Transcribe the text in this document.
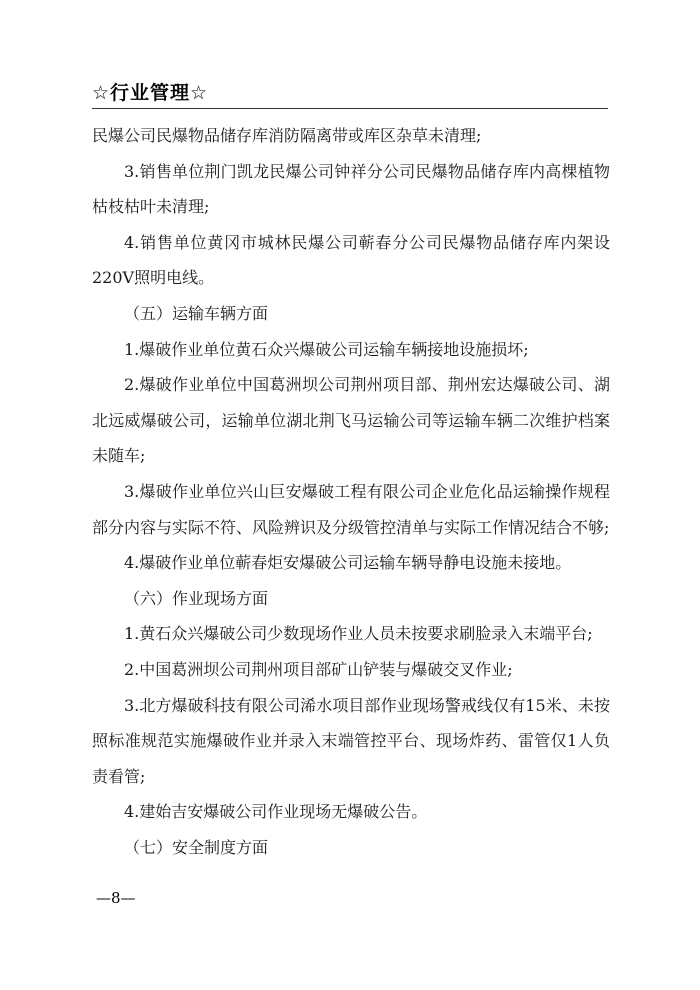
☆行业管理☆

民爆公司民爆物品储存库消防隔离带或库区杂草未清理;

3.销售单位荆门凯龙民爆公司钟祥分公司民爆物品储存库内高棵植物枯枝枯叶未清理;

4.销售单位黄冈市城林民爆公司蕲春分公司民爆物品储存库内架设220V照明电线。

（五）运输车辆方面

1.爆破作业单位黄石众兴爆破公司运输车辆接地设施损坏;

2.爆破作业单位中国葛洲坝公司荆州项目部、荆州宏达爆破公司、湖北远威爆破公司，运输单位湖北荆飞马运输公司等运输车辆二次维护档案未随车;

3.爆破作业单位兴山巨安爆破工程有限公司企业危化品运输操作规程部分内容与实际不符、风险辨识及分级管控清单与实际工作情况结合不够;

4.爆破作业单位蕲春炬安爆破公司运输车辆导静电设施未接地。

（六）作业现场方面

1.黄石众兴爆破公司少数现场作业人员未按要求刷脸录入末端平台;

2.中国葛洲坝公司荆州项目部矿山铲装与爆破交叉作业;

3.北方爆破科技有限公司浠水项目部作业现场警戒线仅有15米、未按照标准规范实施爆破作业并录入末端管控平台、现场炸药、雷管仅1人负责看管;

4.建始吉安爆破公司作业现场无爆破公告。

（七）安全制度方面

—8—
